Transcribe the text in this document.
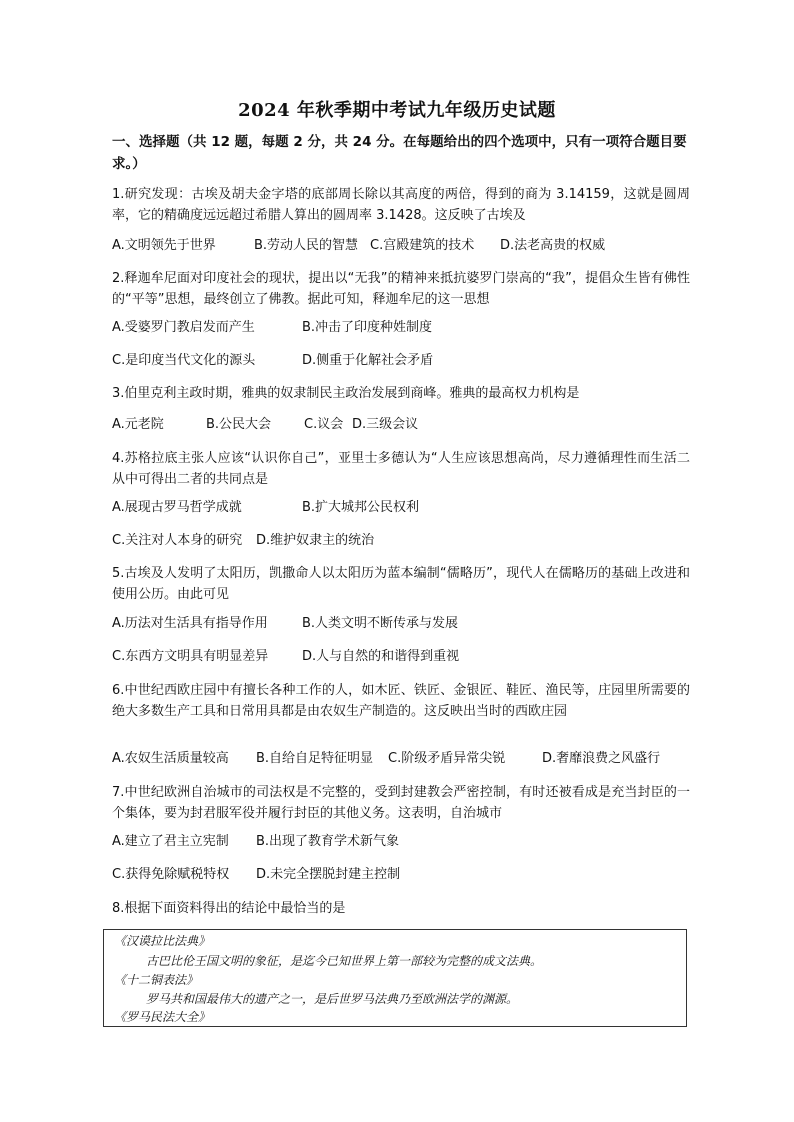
2024 年秋季期中考试九年级历史试题
一、选择题（共 12 题，每题 2 分，共 24 分。在每题给出的四个选项中，只有一项符合题目要求。）
1.研究发现：古埃及胡夫金字塔的底部周长除以其高度的两倍，得到的商为 3.14159，这就是圆周率，它的精确度远远超过希腊人算出的圆周率 3.1428。这反映了古埃及
A.文明领先于世界	B.劳动人民的智慧 C.宫殿建筑的技术 D.法老高贵的权威
2.释迦牟尼面对印度社会的现状，提出以“无我”的精神来抵抗婆罗门崇高的“我”，提倡众生皆有佛性的“平等”思想，最终创立了佛教。据此可知，释迦牟尼的这一思想
A.受婆罗门教启发而产生	B.冲击了印度种姓制度
C.是印度当代文化的源头	D.侧重于化解社会矛盾
3.伯里克利主政时期，雅典的奴隶制民主政治发展到商峰。雅典的最高权力机构是
A.元老院	B.公民大会	C.议会 D.三级会议
4.苏格拉底主张人应该“认识你自己”，亚里士多德认为“人生应该思想高尚，尽力遵循理性而生活二从中可得出二者的共同点是
A.展现古罗马哲学成就	B.扩大城邦公民权利
C.关注对人本身的研究 D.维护奴隶主的统治
5.古埃及人发明了太阳历，凯撒命人以太阳历为蓝本编制“儒略历”，现代人在儒略历的基础上改进和使用公历。由此可见
A.历法对生活具有指导作用	B.人类文明不断传承与发展
C.东西方文明具有明显差异	D.人与自然的和谐得到重视
6.中世纪西欧庄园中有擅长各种工作的人，如木匠、铁匠、金银匠、鞋匠、渔民等，庄园里所需要的绝大多数生产工具和日常用具都是由农奴生产制造的。这反映出当时的西欧庄园
A.农奴生活质量较高 B.自给自足特征明显 C.阶级矛盾异常尖锐	D.奢靡浪费之风盛行
7.中世纪欧洲自治城市的司法权是不完整的，受到封建教会严密控制，有时还被看成是充当封臣的一个集体，要为封君服军役并履行封臣的其他义务。这表明，自治城市
A.建立了君主立宪制 B.出现了教育学术新气象
C.获得免除赋税特权 D.未完全摆脱封建主控制
8.根据下面资料得出的结论中最恰当的是
《汉谟拉比法典》
古巴比伦王国文明的象征，是迄今已知世界上第一部较为完整的成文法典。
《十二铜表法》
罗马共和国最伟大的遗产之一，是后世罗马法典乃至欧洲法学的渊源。
《罗马民法大全》
